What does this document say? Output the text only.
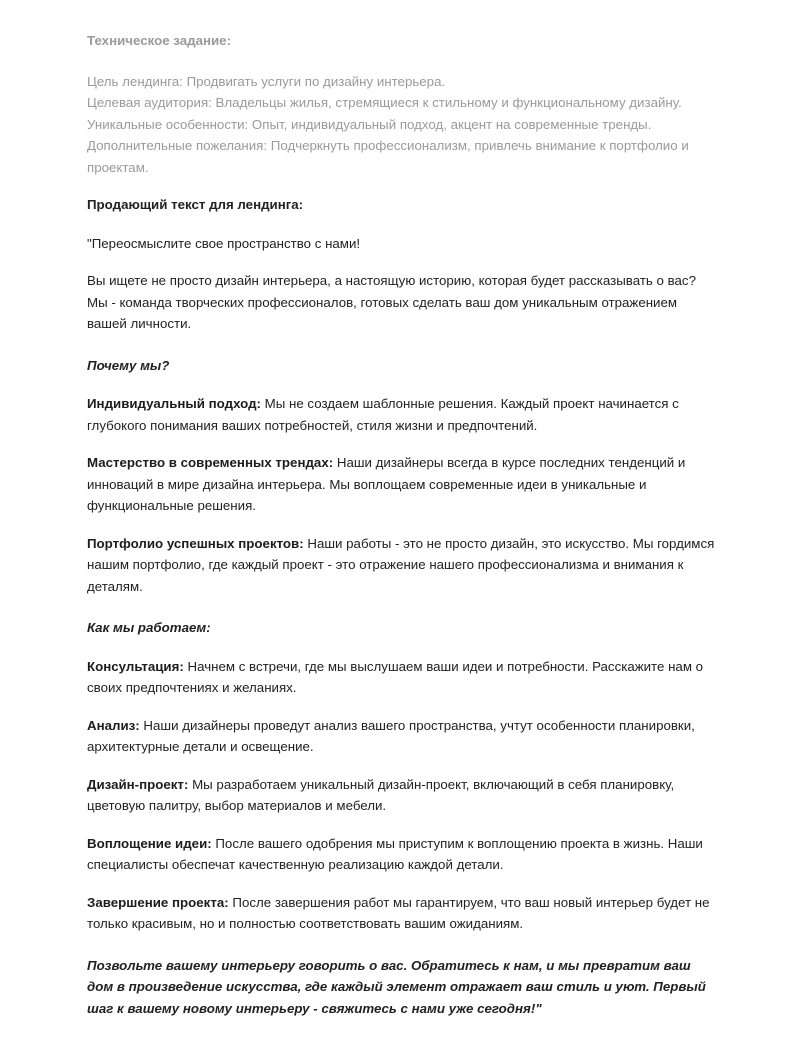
Техническое задание:

Цель лендинга: Продвигать услуги по дизайну интерьера.

Целевая аудитория: Владельцы жилья, стремящиеся к стильному и функциональному дизайну.

Уникальные особенности: Опыт, индивидуальный подход, акцент на современные тренды.

Дополнительные пожелания: Подчеркнуть профессионализм, привлечь внимание к портфолио и проектам.

Продающий текст для лендинга:

"Переосмыслите свое пространство с нами!

Вы ищете не просто дизайн интерьера, а настоящую историю, которая будет рассказывать о вас? Мы - команда творческих профессионалов, готовых сделать ваш дом уникальным отражением вашей личности.

Почему мы?

Индивидуальный подход: Мы не создаем шаблонные решения. Каждый проект начинается с глубокого понимания ваших потребностей, стиля жизни и предпочтений.

Мастерство в современных трендах: Наши дизайнеры всегда в курсе последних тенденций и инноваций в мире дизайна интерьера. Мы воплощаем современные идеи в уникальные и функциональные решения.

Портфолио успешных проектов: Наши работы - это не просто дизайн, это искусство. Мы гордимся нашим портфолио, где каждый проект - это отражение нашего профессионализма и внимания к деталям.

Как мы работаем:

Консультация: Начнем с встречи, где мы выслушаем ваши идеи и потребности. Расскажите нам о своих предпочтениях и желаниях.

Анализ: Наши дизайнеры проведут анализ вашего пространства, учтут особенности планировки, архитектурные детали и освещение.

Дизайн-проект: Мы разработаем уникальный дизайн-проект, включающий в себя планировку, цветовую палитру, выбор материалов и мебели.

Воплощение идеи: После вашего одобрения мы приступим к воплощению проекта в жизнь. Наши специалисты обеспечат качественную реализацию каждой детали.

Завершение проекта: После завершения работ мы гарантируем, что ваш новый интерьер будет не только красивым, но и полностью соответствовать вашим ожиданиям.

Позвольте вашему интерьеру говорить о вас. Обратитесь к нам, и мы превратим ваш дом в произведение искусства, где каждый элемент отражает ваш стиль и уют. Первый шаг к вашему новому интерьеру - свяжитесь с нами уже сегодня!"
